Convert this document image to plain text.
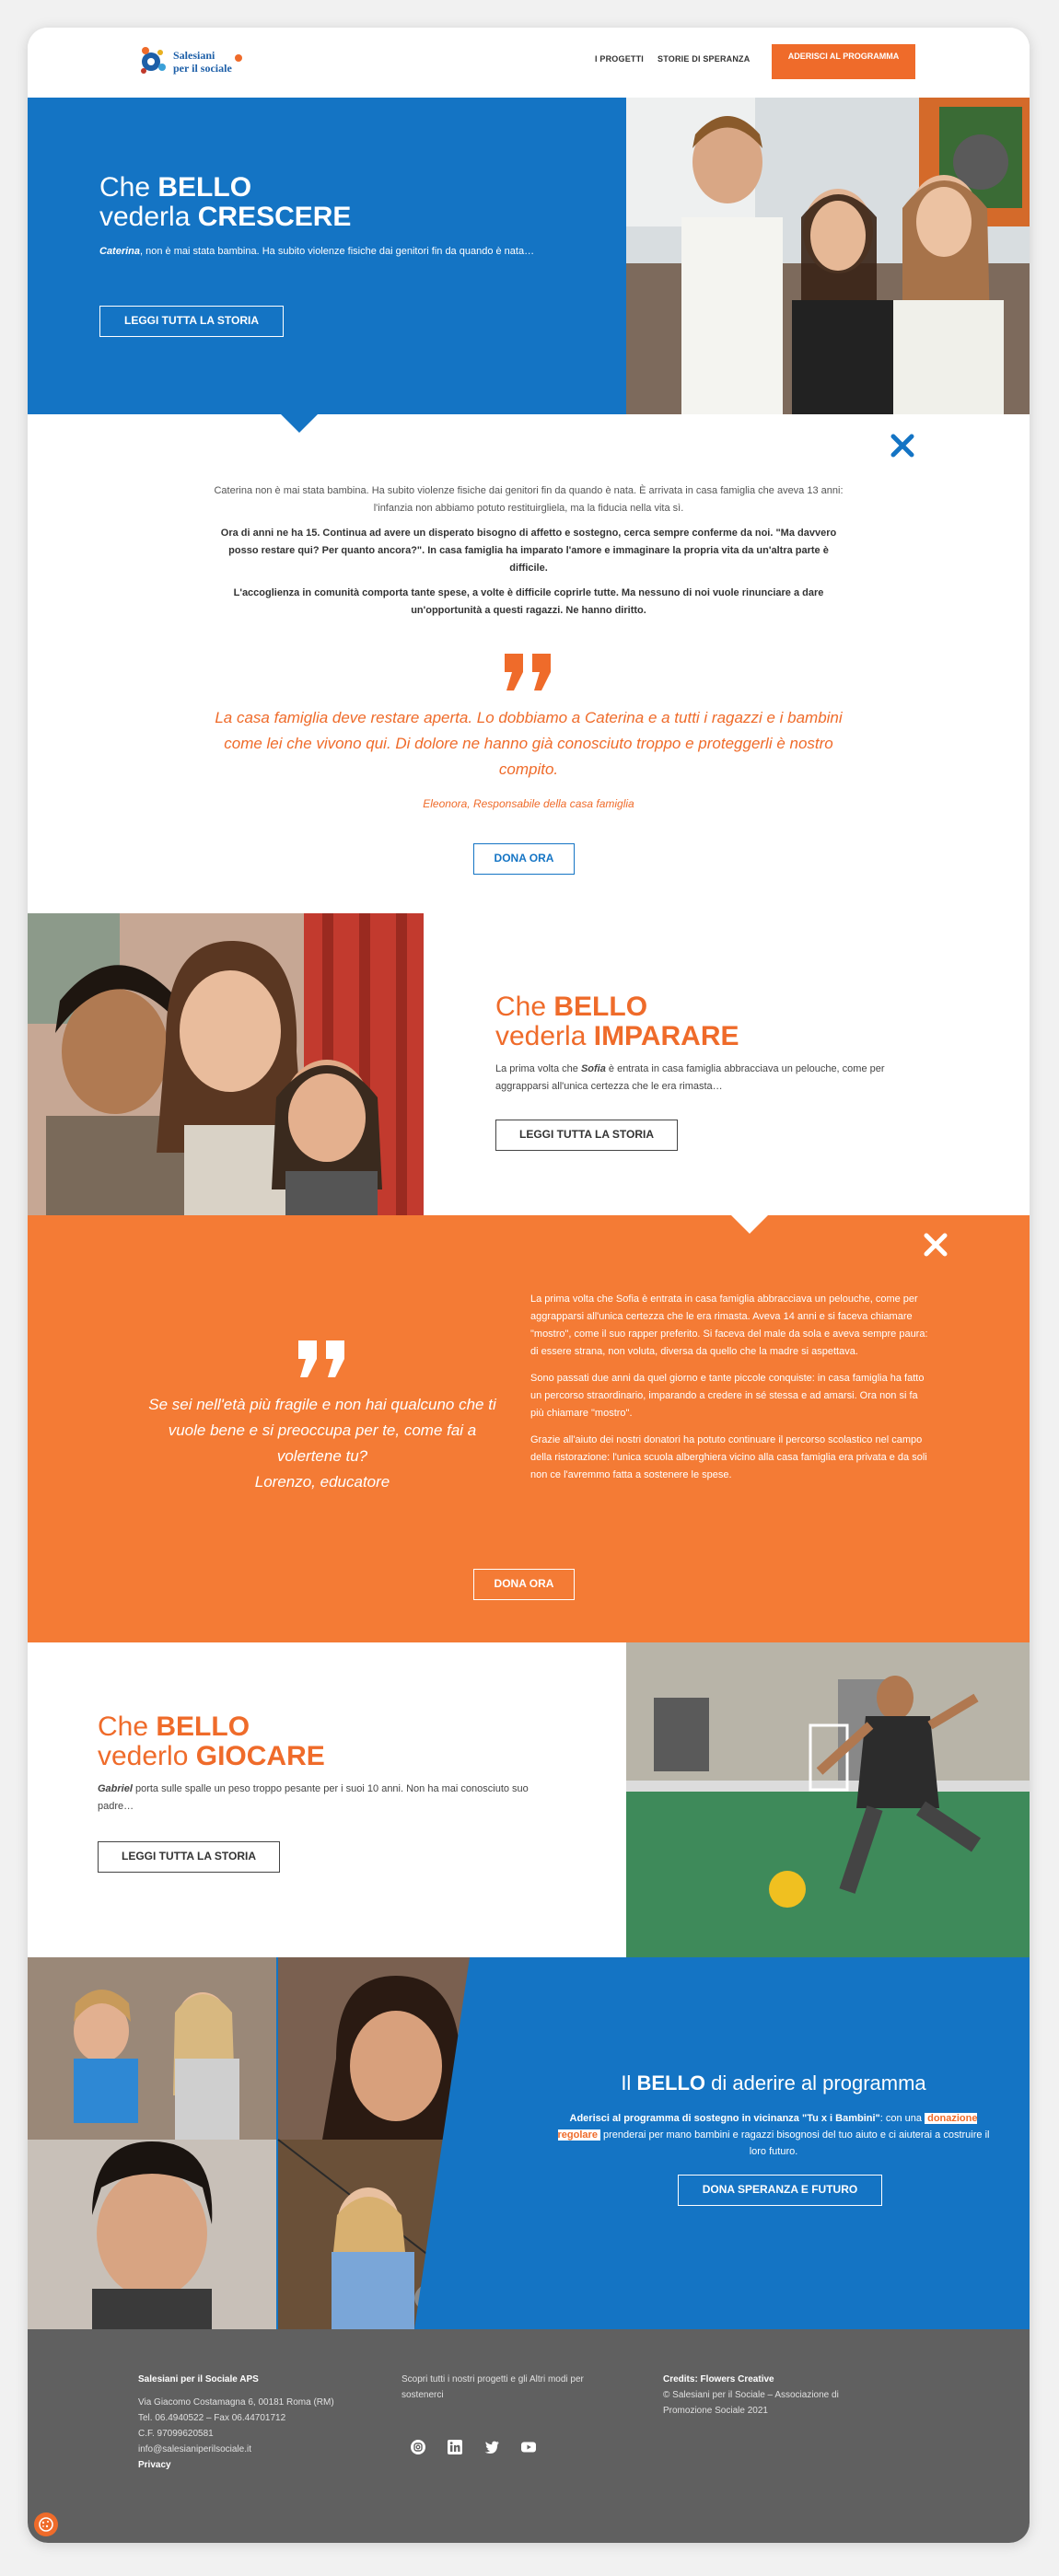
Salesiani
per il sociale
I PROGETTI STORIE DI SPERANZA	ADERISCI AL PROGRAMMA
Che BELLO
vederla CRESCERE
Caterina, non è mai stata bambina. Ha subito violenze fisiche dai genitori fin da quando è nata…
LEGGI TUTTA LA STORIA

Caterina non è mai stata bambina. Ha subito violenze fisiche dai genitori fin da quando è nata. È arrivata in casa famiglia che aveva 13 anni: l'infanzia non abbiamo potuto restituirgliela, ma la fiducia nella vita sì.

Ora di anni ne ha 15. Continua ad avere un disperato bisogno di affetto e sostegno, cerca sempre conferme da noi. "Ma davvero posso restare qui? Per quanto ancora?". In casa famiglia ha imparato l'amore e immaginare la propria vita da un'altra parte è difficile.

L'accoglienza in comunità comporta tante spese, a volte è difficile coprirle tutte. Ma nessuno di noi vuole rinunciare a dare un'opportunità a questi ragazzi. Ne hanno diritto.

La casa famiglia deve restare aperta. Lo dobbiamo a Caterina e a tutti i ragazzi e i bambini come lei che vivono qui. Di dolore ne hanno già conosciuto troppo e proteggerli è nostro compito.
Eleonora, Responsabile della casa famiglia
DONA ORA
Che BELLO
vederla IMPARARE
La prima volta che Sofia è entrata in casa famiglia abbracciava un pelouche, come per aggrapparsi all'unica certezza che le era rimasta…
LEGGI TUTTA LA STORIA
Se sei nell'età più fragile e non hai qualcuno che ti vuole bene e si preoccupa per te, come fai a volertene tu?
Lorenzo, educatore

La prima volta che Sofia è entrata in casa famiglia abbracciava un pelouche, come per aggrapparsi all'unica certezza che le era rimasta. Aveva 14 anni e si faceva chiamare "mostro", come il suo rapper preferito. Si faceva del male da sola e aveva sempre paura: di essere strana, non voluta, diversa da quello che la madre si aspettava.

Sono passati due anni da quel giorno e tante piccole conquiste: in casa famiglia ha fatto un percorso straordinario, imparando a credere in sé stessa e ad amarsi. Ora non si fa più chiamare "mostro".

Grazie all'aiuto dei nostri donatori ha potuto continuare il percorso scolastico nel campo della ristorazione: l'unica scuola alberghiera vicino alla casa famiglia era privata e da soli non ce l'avremmo fatta a sostenere le spese.

DONA ORA
Che BELLO
vederlo GIOCARE
Gabriel porta sulle spalle un peso troppo pesante per i suoi 10 anni. Non ha mai conosciuto suo padre…
LEGGI TUTTA LA STORIA
Il BELLO di aderire al programma
Aderisci al programma di sostegno in vicinanza "Tu x i Bambini": con una donazione regolare prenderai per mano bambini e ragazzi bisognosi del tuo aiuto e ci aiuterai a costruire il loro futuro.
DONA SPERANZA E FUTURO
Salesiani per il Sociale APS
Via Giacomo Costamagna 6, 00181 Roma (RM)
Tel. 06.4940522 – Fax 06.44701712
C.F. 97099620581
info@salesianiperilsociale.it
Privacy
Scopri tutti i nostri progetti e gli Altri modi per sostenerci
Credits: Flowers Creative
© Salesiani per il Sociale – Associazione di Promozione Sociale 2021
